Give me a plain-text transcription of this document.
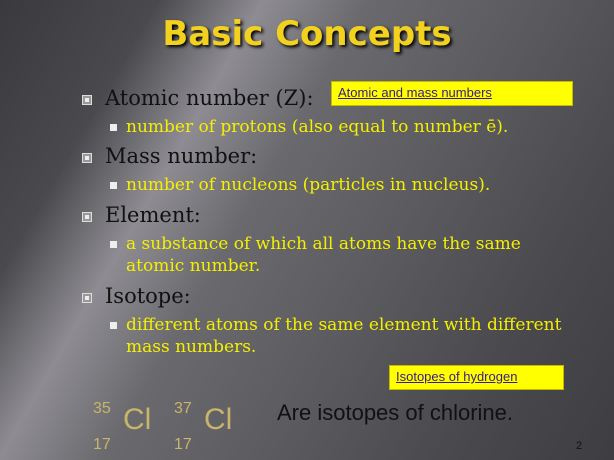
Basic Concepts
Atomic number (Z):
number of protons (also equal to number ē).
Mass number:
number of nucleons (particles in nucleus).
Element:
a substance of which all atoms have the same atomic number.
Isotope:
different atoms of the same element with different mass numbers.
Atomic and mass numbers
Isotopes of hydrogen
35 Cl
17
37 Cl
17
Are isotopes of chlorine.
2
